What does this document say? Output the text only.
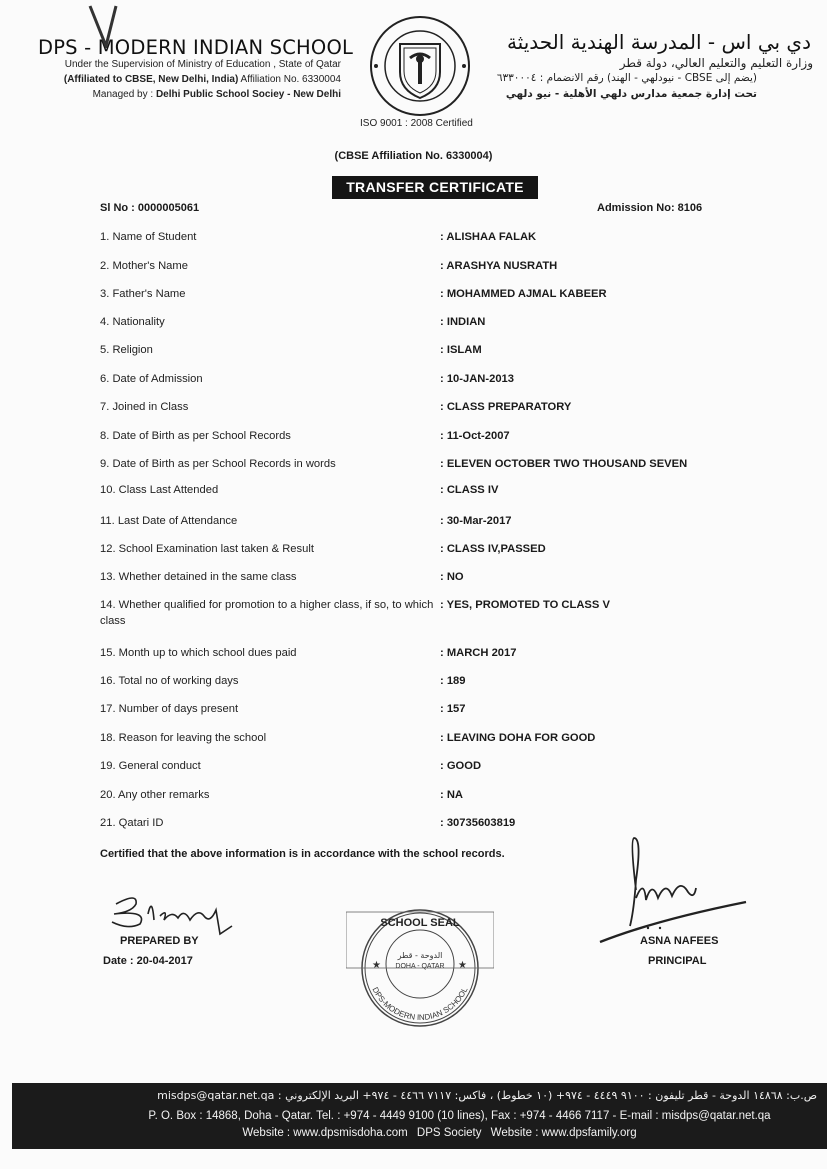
DPS - MODERN INDIAN SCHOOL
Under the Supervision of Ministry of Education , State of Qatar
(Affiliated to CBSE, New Delhi, India) Affiliation No. 6330004
Managed by : Delhi Public School Sociey - New Delhi
ISO 9001 : 2008 Certified
دي بي اس - المدرسة الهندية الحديثة
وزارة التعليم والتعليم العالي، دولة قطر
(يضم إلى CBSE - نيودلهي - الهند) رقم الانضمام : ٦٣٣٠٠٠٤
تحت إدارة جمعية مدارس دلهي الأهلية - نيو دلهي
(CBSE Affiliation No. 6330004)
TRANSFER CERTIFICATE
Sl No : 0000005061	Admission No: 8106
1. Name of Student	: ALISHAA FALAK
2. Mother's Name	: ARASHYA NUSRATH
3. Father's Name	: MOHAMMED AJMAL KABEER
4. Nationality	: INDIAN
5. Religion	: ISLAM
6. Date of Admission	: 10-JAN-2013
7. Joined in Class	: CLASS PREPARATORY
8. Date of Birth as per School Records	: 11-Oct-2007
9. Date of Birth as per School Records in words	: ELEVEN OCTOBER TWO THOUSAND SEVEN
10. Class Last Attended	: CLASS IV
11. Last Date of Attendance	: 30-Mar-2017
12. School Examination last taken & Result	: CLASS IV,PASSED
13. Whether detained in the same class	: NO
14. Whether qualified for promotion to a higher class, if so, to which class
: YES, PROMOTED TO CLASS V
15. Month up to which school dues paid	: MARCH 2017
16. Total no of working days	: 189
17. Number of days present	: 157
18. Reason for leaving the school	: LEAVING DOHA FOR GOOD
19. General conduct	: GOOD
20. Any other remarks	: NA
21. Qatari ID	: 30735603819
Certified that the above information is in accordance with the school records.
PREPARED BY
Date : 20-04-2017
SCHOOL SEAL
الدوحة - قطر
DOHA - QATAR
DPS-MODERN INDIAN SCHOOL
★	★
ASNA NAFEES
PRINCIPAL
ص.ب: ١٤٨٦٨ الدوحة - قطر تليفون : ٩١٠٠ ٤٤٤٩ - ٩٧٤+ (١٠ خطوط) ، فاكس: ٧١١٧ ٤٤٦٦ - ٩٧٤+ البريد الإلكتروني : misdps@qatar.net.qa
P. O. Box : 14868, Doha - Qatar. Tel. : +974 - 4449 9100 (10 lines), Fax : +974 - 4466 7117 - E-mail : misdps@qatar.net.qa
Website : www.dpsmisdoha.com DPS Society Website : www.dpsfamily.org
